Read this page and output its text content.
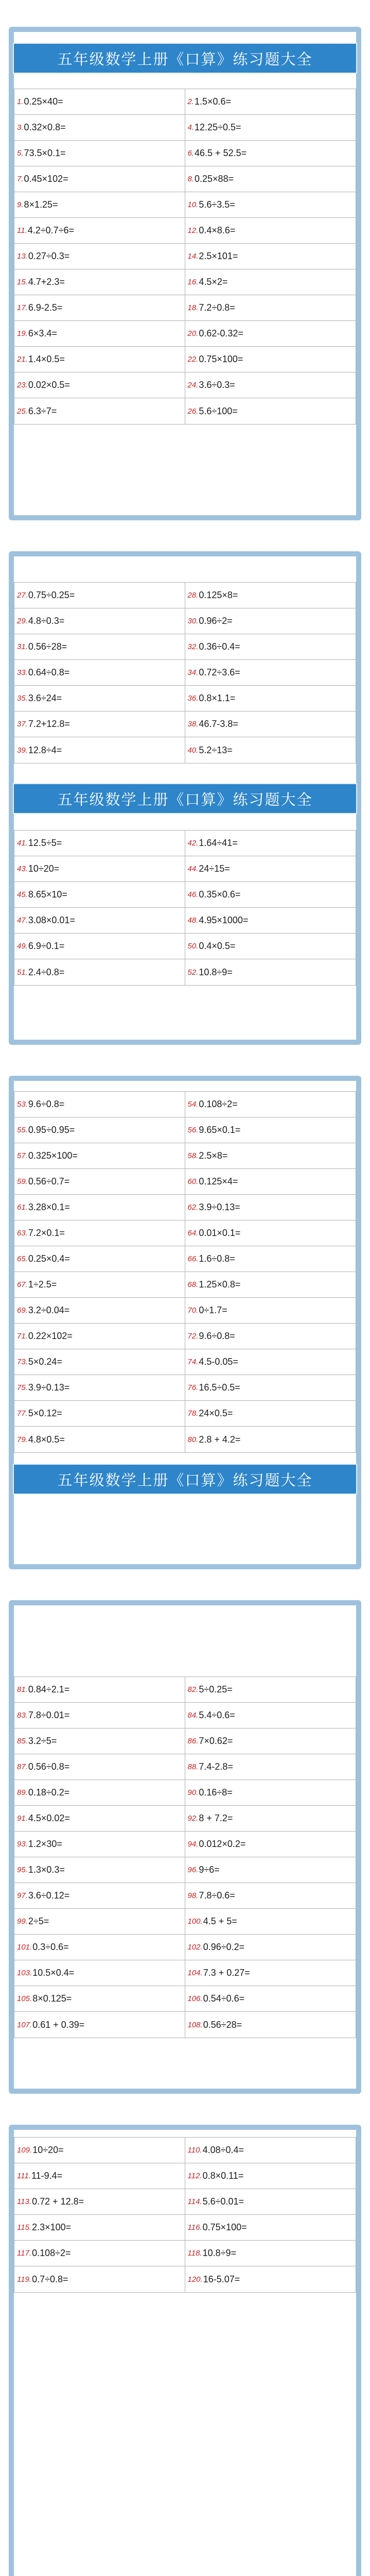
五年级数学上册《口算》练习题大全
1. 0.25×40=	2. 1.5×0.6=
3. 0.32×0.8=	4. 12.25÷0.5=
5. 73.5×0.1=	6. 46.5 + 52.5=
7. 0.45×102=	8. 0.25×88=
9. 8×1.25=	10. 5.6÷3.5=
11. 4.2÷0.7÷6=	12. 0.4×8.6=
13. 0.27÷0.3=	14. 2.5×101=
15. 4.7+2.3=	16. 4.5×2=
17. 6.9-2.5=	18. 7.2÷0.8=
19. 6×3.4=	20. 0.62-0.32=
21. 1.4×0.5=	22. 0.75×100=
23. 0.02×0.5=	24. 3.6÷0.3=
25. 6.3÷7=	26. 5.6÷100=
27. 0.75÷0.25=	28. 0.125×8=
29. 4.8÷0.3=	30. 0.96÷2=
31. 0.56÷28=	32. 0.36÷0.4=
33. 0.64÷0.8=	34. 0.72÷3.6=
35. 3.6÷24=	36. 0.8×1.1=
37. 7.2+12.8=	38. 46.7-3.8=
39. 12.8÷4=	40. 5.2÷13=
五年级数学上册《口算》练习题大全
41. 12.5÷5=	42. 1.64÷41=
43. 10÷20=	44. 24÷15=
45. 8.65×10=	46. 0.35×0.6=
47. 3.08×0.01=	48. 4.95×1000=
49. 6.9÷0.1=	50. 0.4×0.5=
51. 2.4÷0.8=	52. 10.8÷9=
53. 9.6÷0.8=	54. 0.108÷2=
55. 0.95÷0.95=	56. 9.65×0.1=
57. 0.325×100=	58. 2.5×8=
59. 0.56÷0.7=	60. 0.125×4=
61. 3.28×0.1=	62. 3.9÷0.13=
63. 7.2×0.1=	64. 0.01×0.1=
65. 0.25×0.4=	66. 1.6÷0.8=
67. 1÷2.5=	68. 1.25×0.8=
69. 3.2÷0.04=	70. 0÷1.7=
71. 0.22×102=	72. 9.6÷0.8=
73. 5×0.24=	74. 4.5-0.05=
75. 3.9÷0.13=	76. 16.5÷0.5=
77. 5×0.12=	78. 24×0.5=
79. 4.8×0.5=	80. 2.8 + 4.2=
五年级数学上册《口算》练习题大全
81. 0.84÷2.1=	82. 5÷0.25=
83. 7.8÷0.01=	84. 5.4÷0.6=
85. 3.2÷5=	86. 7×0.62=
87. 0.56÷0.8=	88. 7.4-2.8=
89. 0.18÷0.2=	90. 0.16÷8=
91. 4.5×0.02=	92. 8 + 7.2=
93. 1.2×30=	94. 0.012×0.2=
95. 1.3×0.3=	96. 9÷6=
97. 3.6÷0.12=	98. 7.8÷0.6=
99. 2÷5=	100. 4.5 + 5=
101. 0.3÷0.6=	102. 0.96÷0.2=
103. 10.5×0.4=	104. 7.3 + 0.27=
105. 8×0.125=	106. 0.54÷0.6=
107. 0.61 + 0.39=	108. 0.56÷28=
109. 10÷20=	110. 4.08÷0.4=
111. 11-9.4=	112. 0.8×0.11=
113. 0.72 + 12.8=	114. 5.6÷0.01=
115. 2.3×100=	116. 0.75×100=
117. 0.108÷2=	118. 10.8÷9=
119. 0.7÷0.8=	120. 16-5.07=
